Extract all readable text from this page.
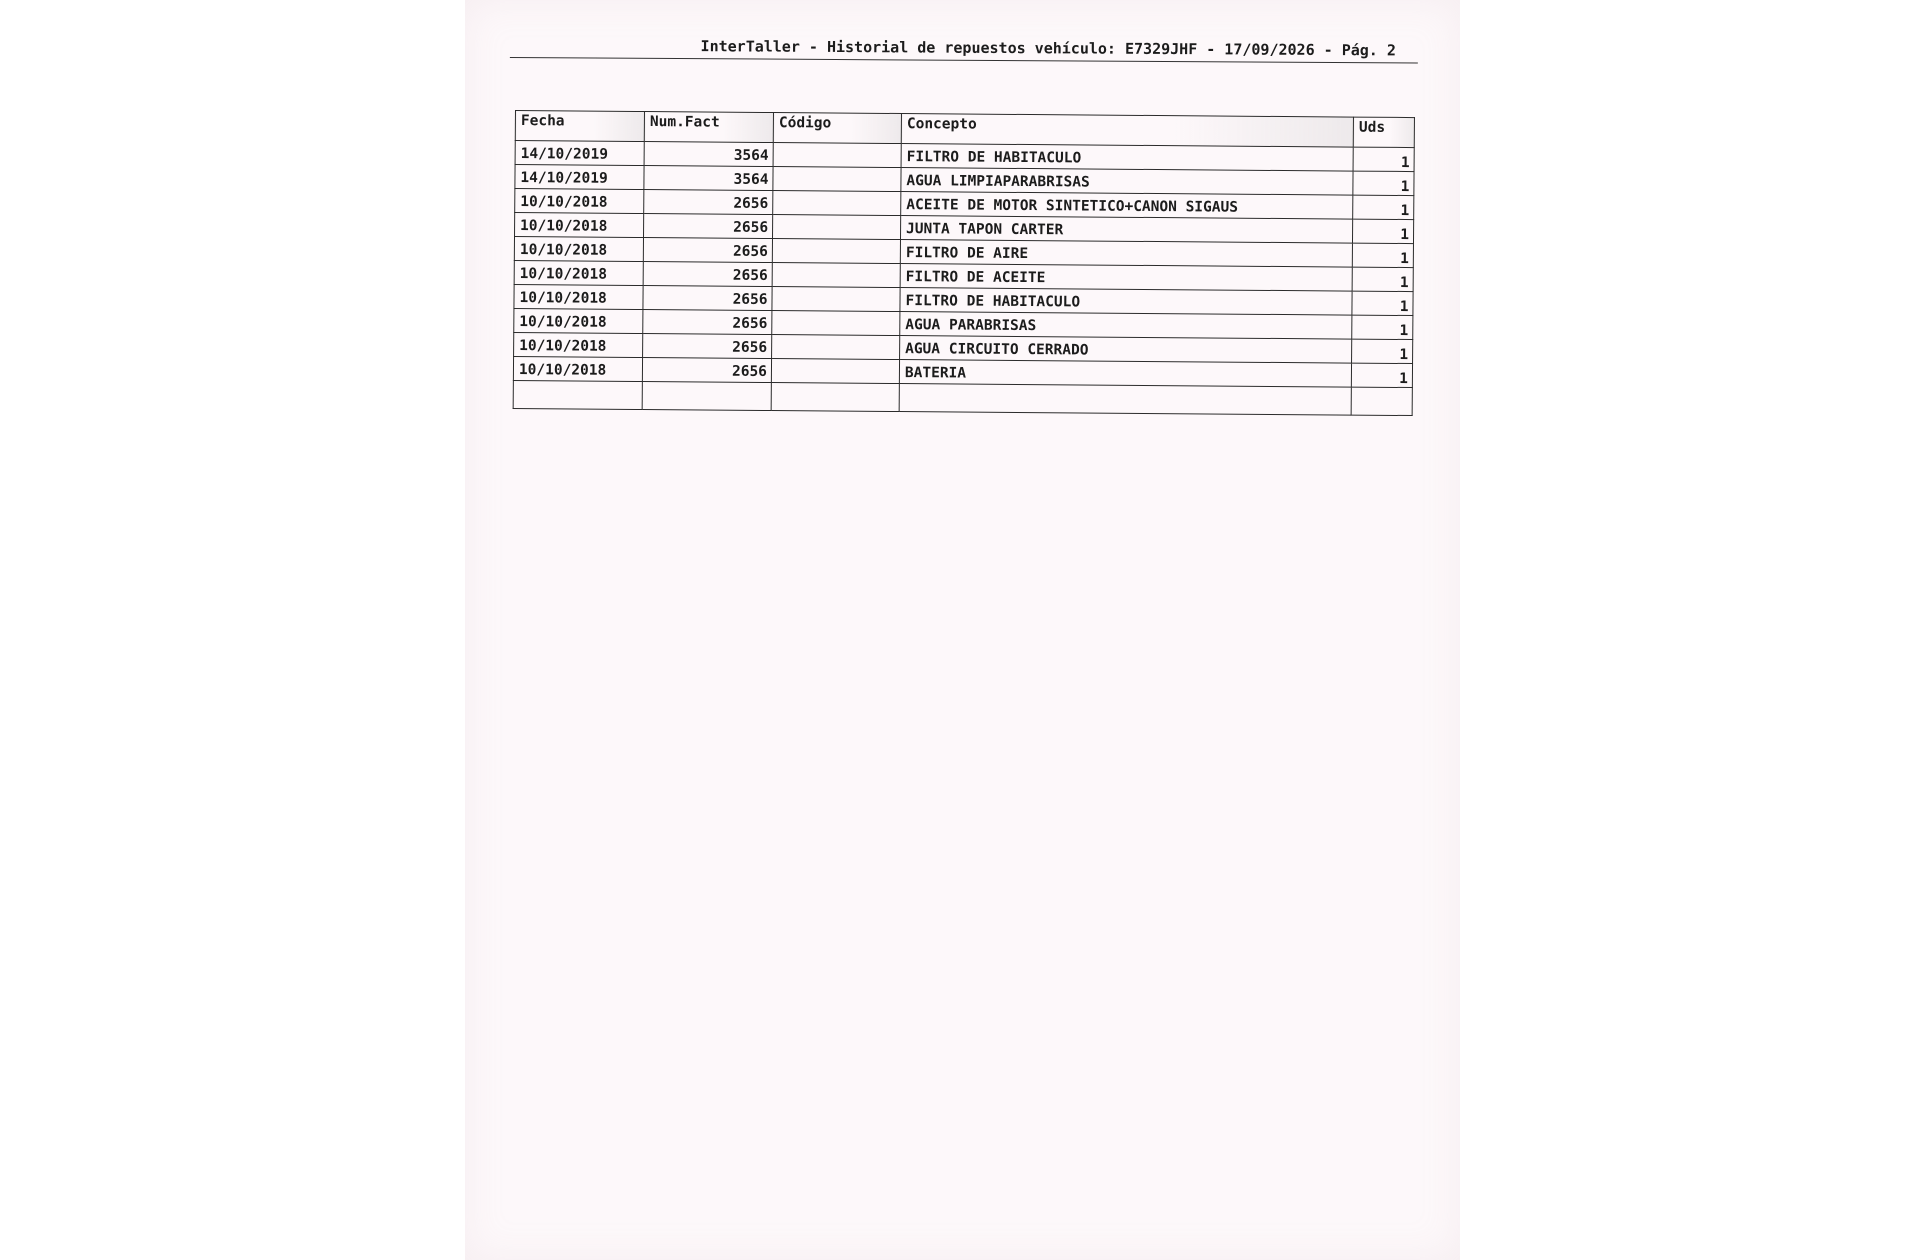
InterTaller - Historial de repuestos vehículo: E7329JHF - 17/09/2026 - Pág. 2
Fecha	Num.Fact	Código	Concepto	Uds
14/10/2019	3564		FILTRO DE HABITACULO	1
14/10/2019	3564		AGUA LIMPIAPARABRISAS	1
10/10/2018	2656		ACEITE DE MOTOR SINTETICO+CANON SIGAUS	1
10/10/2018	2656		JUNTA TAPON CARTER	1
10/10/2018	2656		FILTRO DE AIRE	1
10/10/2018	2656		FILTRO DE ACEITE	1
10/10/2018	2656		FILTRO DE HABITACULO	1
10/10/2018	2656		AGUA PARABRISAS	1
10/10/2018	2656		AGUA CIRCUITO CERRADO	1
10/10/2018	2656		BATERIA	1
